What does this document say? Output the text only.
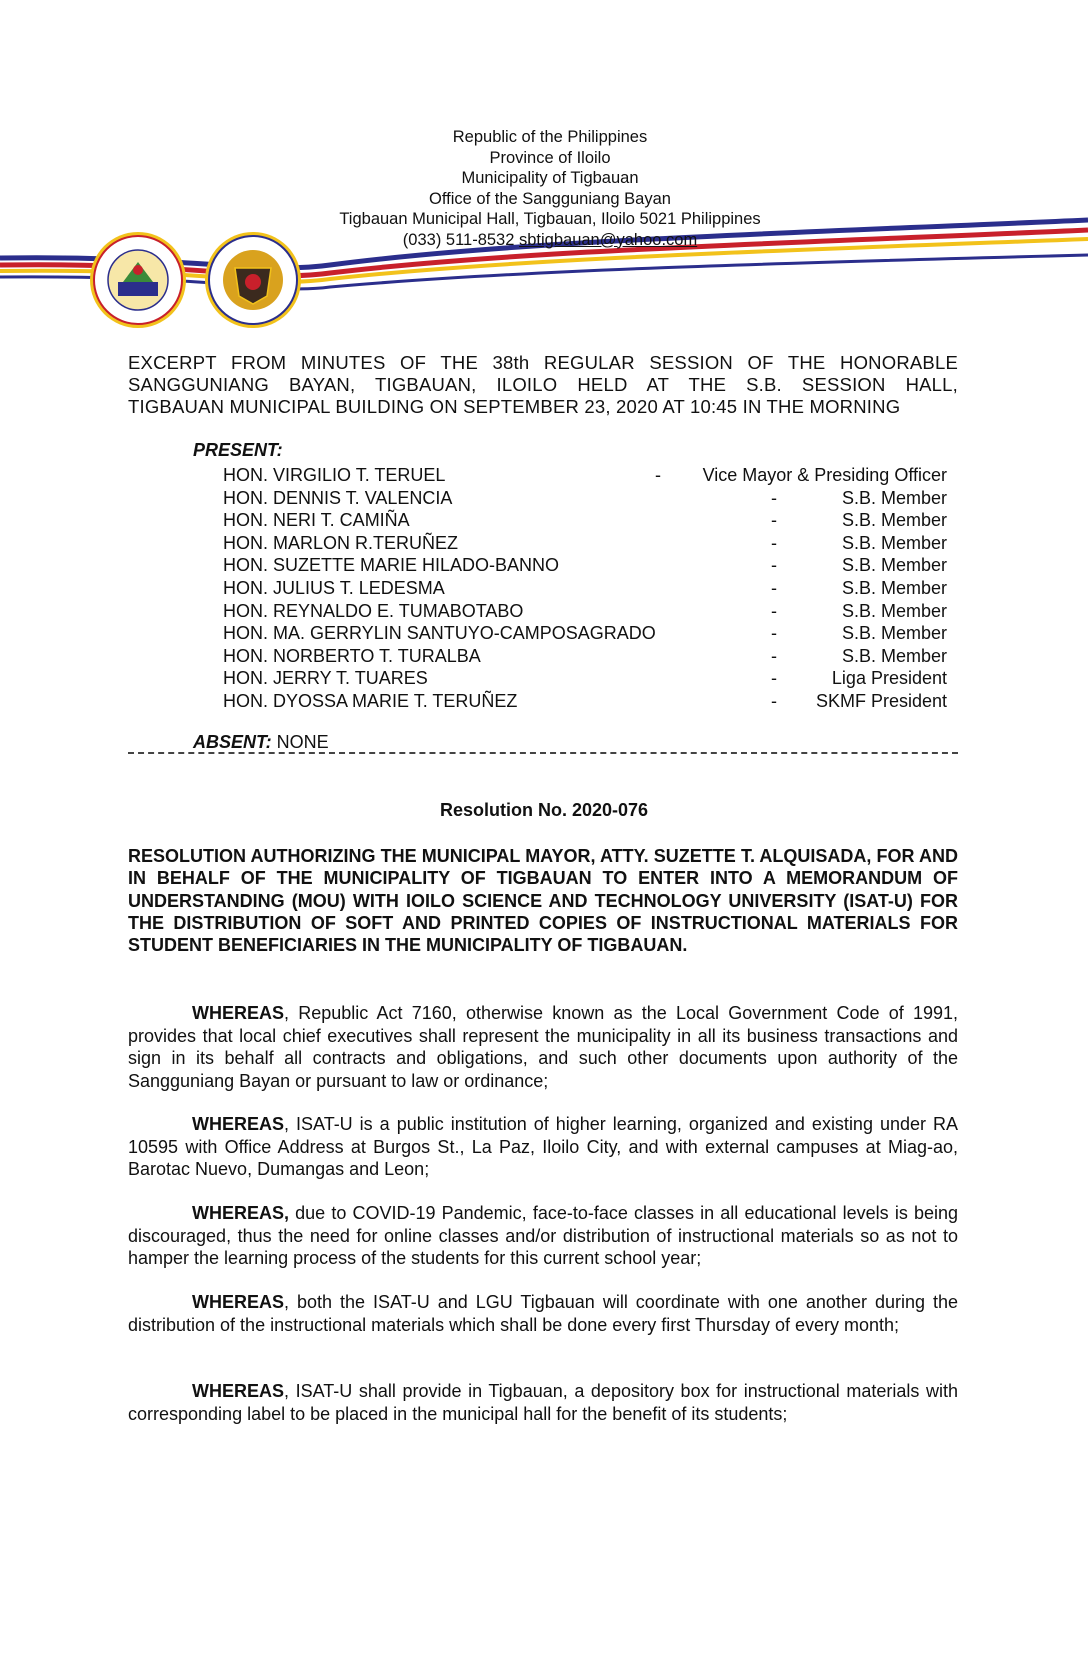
Republic of the Philippines
Province of Iloilo
Municipality of Tigbauan
Office of the Sangguniang Bayan
Tigbauan Municipal Hall, Tigbauan, Iloilo 5021 Philippines
(033) 511-8532 sbtigbauan@yahoo.com
EXCERPT FROM MINUTES OF THE 38th REGULAR SESSION OF THE HONORABLE
SANGGUNIANG BAYAN, TIGBAUAN, ILOILO HELD AT THE S.B. SESSION HALL,
TIGBAUAN MUNICIPAL BUILDING ON SEPTEMBER 23, 2020 AT 10:45 IN THE MORNING
PRESENT:
HON. VIRGILIO T. TERUEL	- Vice Mayor & Presiding Officer
HON. DENNIS T. VALENCIA	-	S.B. Member
HON. NERI T. CAMIÑA	-	S.B. Member
HON. MARLON R.TERUÑEZ	-	S.B. Member
HON. SUZETTE MARIE HILADO-BANNO	-	S.B. Member
HON. JULIUS T. LEDESMA	-	S.B. Member
HON. REYNALDO E. TUMABOTABO	-	S.B. Member
HON. MA. GERRYLIN SANTUYO-CAMPOSAGRADO	-	S.B. Member
HON. NORBERTO T. TURALBA	-	S.B. Member
HON. JERRY T. TUARES	-	Liga President
HON. DYOSSA MARIE T. TERUÑEZ	- SKMF President
ABSENT: NONE
Resolution No. 2020-076
RESOLUTION AUTHORIZING THE MUNICIPAL MAYOR, ATTY. SUZETTE T. ALQUISADA, FOR AND IN BEHALF OF THE MUNICIPALITY OF TIGBAUAN TO ENTER INTO A MEMORANDUM OF UNDERSTANDING (MOU) WITH IOILO SCIENCE AND TECHNOLOGY UNIVERSITY (ISAT-U) FOR THE DISTRIBUTION OF SOFT AND PRINTED COPIES OF INSTRUCTIONAL MATERIALS FOR STUDENT BENEFICIARIES IN THE MUNICIPALITY OF TIGBAUAN.
WHEREAS, Republic Act 7160, otherwise known as the Local Government Code of 1991, provides that local chief executives shall represent the municipality in all its business transactions and sign in its behalf all contracts and obligations, and such other documents upon authority of the Sangguniang Bayan or pursuant to law or ordinance;
WHEREAS, ISAT-U is a public institution of higher learning, organized and existing under RA 10595 with Office Address at Burgos St., La Paz, Iloilo City, and with external campuses at Miag-ao, Barotac Nuevo, Dumangas and Leon;
WHEREAS, due to COVID-19 Pandemic, face-to-face classes in all educational levels is being discouraged, thus the need for online classes and/or distribution of instructional materials so as not to hamper the learning process of the students for this current school year;
WHEREAS, both the ISAT-U and LGU Tigbauan will coordinate with one another during the distribution of the instructional materials which shall be done every first Thursday of every month;
WHEREAS, ISAT-U shall provide in Tigbauan, a depository box for instructional materials with corresponding label to be placed in the municipal hall for the benefit of its students;
